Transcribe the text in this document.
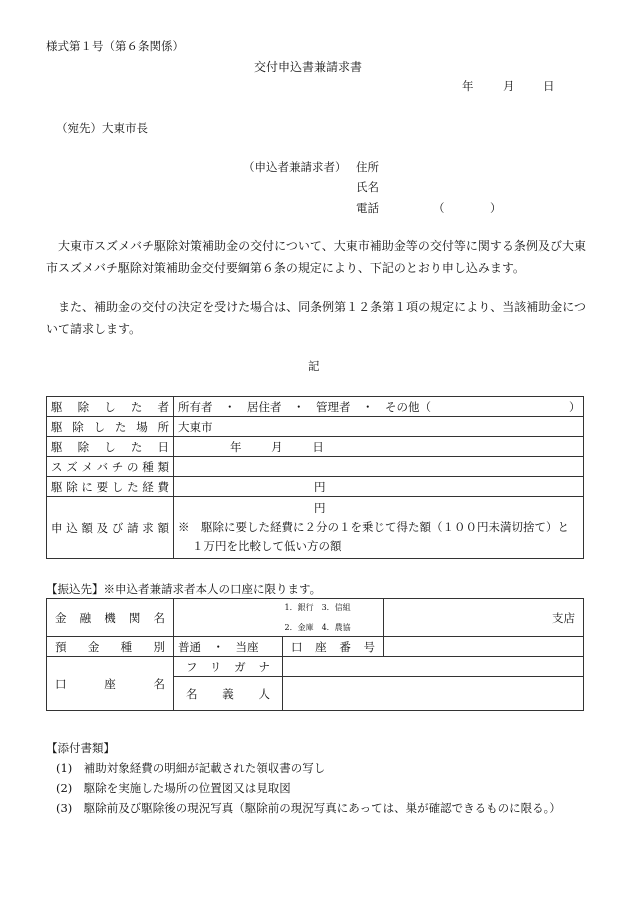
様式第１号（第６条関係）
交付申込書兼請求書
年	月 日
（宛先）大東市長
（申込者兼請求者） 住所
氏名
電話	（	）

大東市スズメバチ駆除対策補助金の交付について、大東市補助金等の交付等に関する条例及び大東市スズメバチ駆除対策補助金交付要綱第６条の規定により、下記のとおり申し込みます。

また、補助金の交付の決定を受けた場合は、同条例第１２条第１項の規定により、当該補助金について請求します。

記
駆除した者	所有者　・　居住者　・　管理者　・　その他（　　　　　　　　　　　　）

駆除した場所	大東市

駆除した日	年 月 日

スズメバチの種類	

駆除に要した経費	円

申込額及び請求額	円
※　駆除に要した経費に２分の１を乗じて得た額（１００円未満切捨て）と１万円を比較して低い方の額
【振込先】※申込者兼請求者本人の口座に限ります。
金融機関名		1．銀行　3．信組
2．金庫　4．農協	支店

預金種別	普通　・　当座	口座番号	

口座名	フリガナ		

	名義人		

【添付書類】
(1)　補助対象経費の明細が記載された領収書の写し
(2)　駆除を実施した場所の位置図又は見取図
(3)　駆除前及び駆除後の現況写真（駆除前の現況写真にあっては、巣が確認できるものに限る。）
